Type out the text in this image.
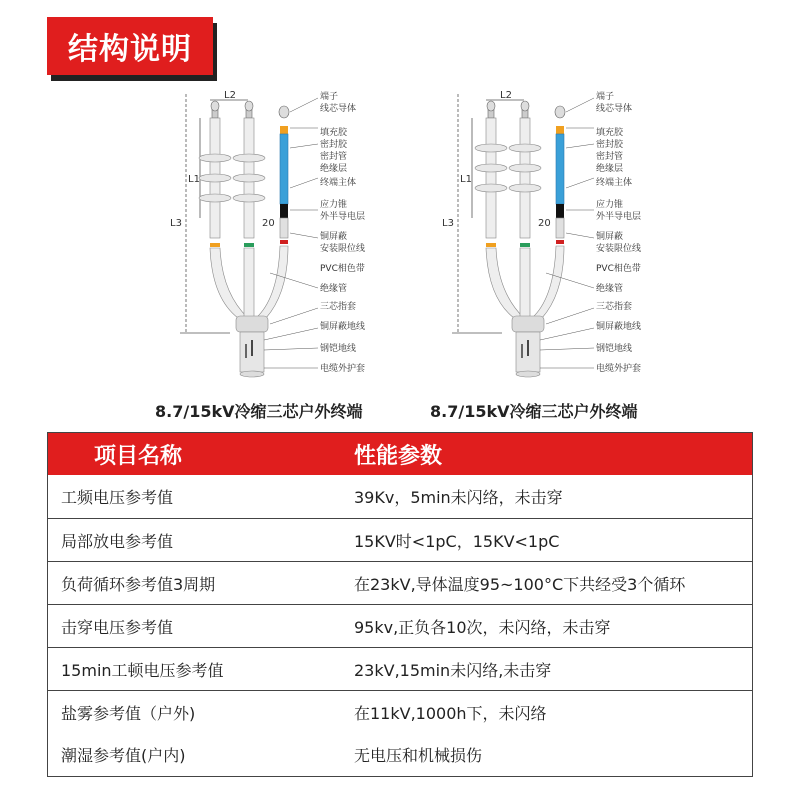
结构说明
L2
L1
L3	20
端子
线芯导体
填充胶
密封胶
密封管
绝缘层
终端主体
应力锥
外半导电层
铜屏蔽
安装限位线
PVC相色带
绝缘管
三芯指套
铜屏蔽地线
钢铠地线
电缆外护套
L2
L1
L3	20
端子
线芯导体
填充胶
密封胶
密封管
绝缘层
终端主体
应力锥
外半导电层
铜屏蔽
安装限位线
PVC相色带
绝缘管
三芯指套
铜屏蔽地线
钢铠地线
电缆外护套
8.7/15kV冷缩三芯户外终端	8.7/15kV冷缩三芯户外终端
项目名称	性能参数
工频电压参考值	39Kv，5min未闪络，未击穿
局部放电参考值	15KV时<1pC，15KV<1pC
负荷循环参考值3周期	在23kV,导体温度95~100°C下共经受3个循环
击穿电压参考值	95kv,正负各10次，未闪络，未击穿
15min工顿电压参考值	23kV,15min未闪络,未击穿
盐雾参考值（户外)	在11kV,1000h下，未闪络
潮湿参考值(户内)	无电压和机械损伤
